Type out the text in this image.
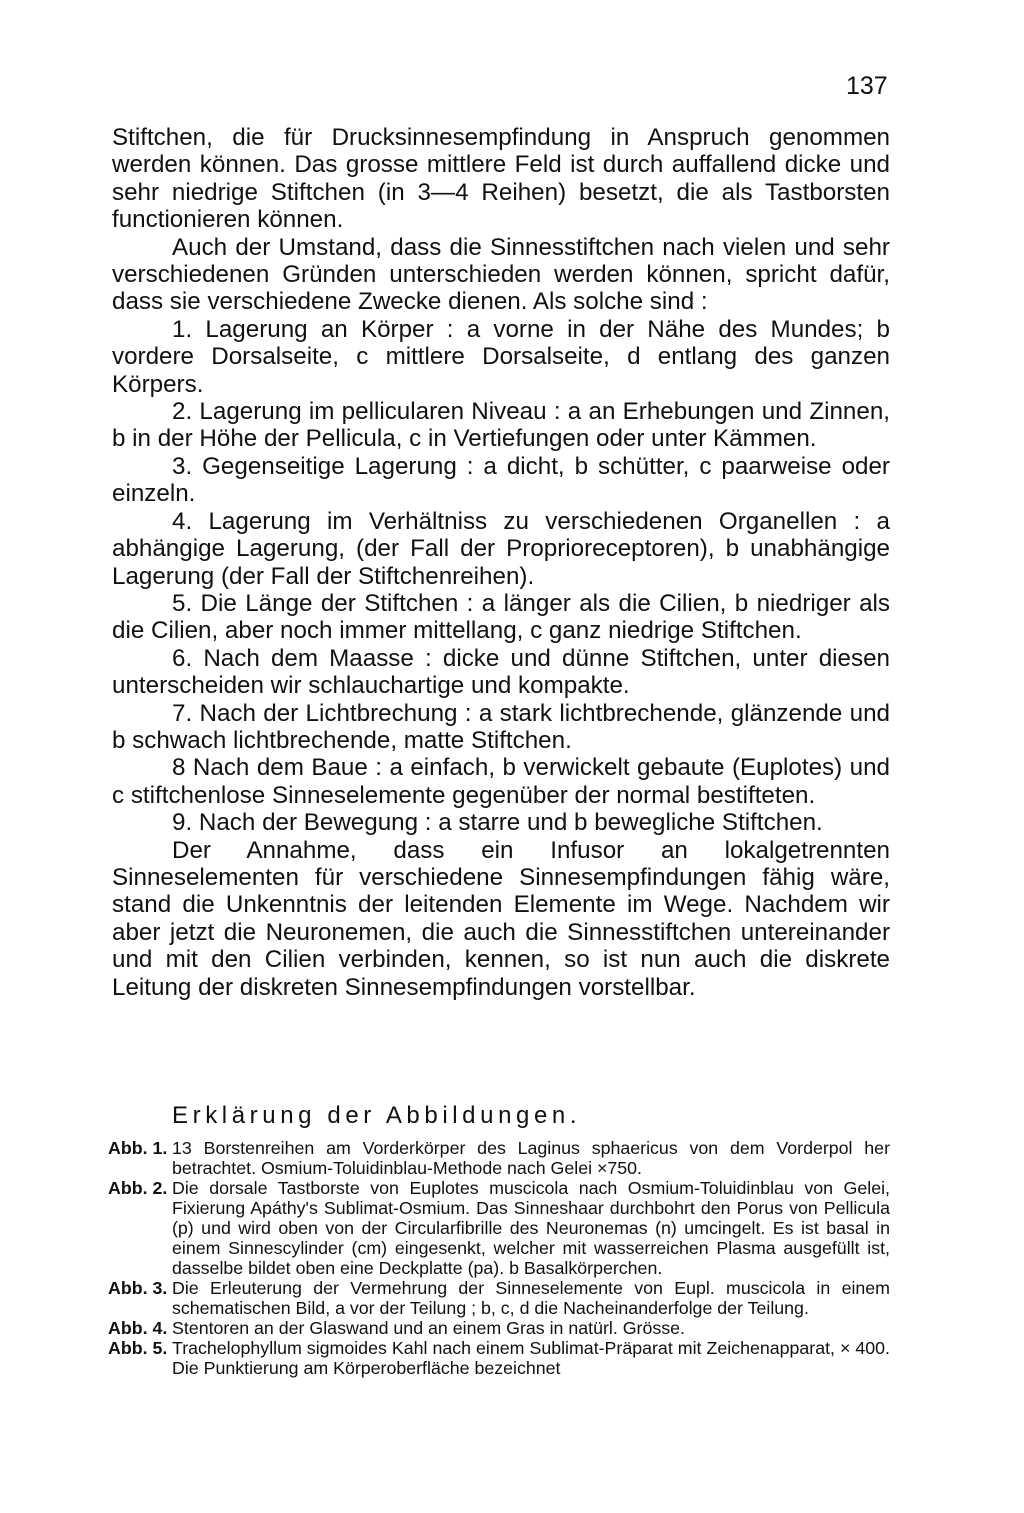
137

Stiftchen, die für Drucksinnesempfindung in Anspruch genommen werden können. Das grosse mittlere Feld ist durch auffallend dicke und sehr niedrige Stiftchen (in 3—4 Reihen) besetzt, die als Tastborsten functionieren können.

Auch der Umstand, dass die Sinnesstiftchen nach vielen und sehr verschiedenen Gründen unterschieden werden können, spricht dafür, dass sie verschiedene Zwecke dienen. Als solche sind :

1. Lagerung an Körper : a vorne in der Nähe des Mundes; b vordere Dorsalseite, c mittlere Dorsalseite, d entlang des ganzen Körpers.

2. Lagerung im pellicularen Niveau : a an Erhebungen und Zinnen, b in der Höhe der Pellicula, c in Vertiefungen oder unter Kämmen.

3. Gegenseitige Lagerung : a dicht, b schütter, c paarweise oder einzeln.

4. Lagerung im Verhältniss zu verschiedenen Organellen : a abhängige Lagerung, (der Fall der Proprioreceptoren), b unabhängige Lagerung (der Fall der Stiftchenreihen).

5. Die Länge der Stiftchen : a länger als die Cilien, b niedriger als die Cilien, aber noch immer mittellang, c ganz niedrige Stiftchen.

6. Nach dem Maasse : dicke und dünne Stiftchen, unter diesen unterscheiden wir schlauchartige und kompakte.

7. Nach der Lichtbrechung : a stark lichtbrechende, glänzende und b schwach lichtbrechende, matte Stiftchen.

8 Nach dem Baue : a einfach, b verwickelt gebaute (Euplotes) und c stiftchenlose Sinneselemente gegenüber der normal bestifteten.

9. Nach der Bewegung : a starre und b bewegliche Stiftchen.

Der Annahme, dass ein Infusor an lokalgetrennten Sinneselementen für verschiedene Sinnesempfindungen fähig wäre, stand die Unkenntnis der leitenden Elemente im Wege. Nachdem wir aber jetzt die Neuronemen, die auch die Sinnesstiftchen untereinander und mit den Cilien verbinden, kennen, so ist nun auch die diskrete Leitung der diskreten Sinnesempfindungen vorstellbar.

Erklärung der Abbildungen.
Abb. 1. 13 Borstenreihen am Vorderkörper des Laginus sphaericus von dem Vorderpol her betrachtet. Osmium-Toluidinblau-Methode nach Gelei ×750.
Abb. 2. Die dorsale Tastborste von Euplotes muscicola nach Osmium-Toluidinblau von Gelei, Fixierung Apáthy's Sublimat-Osmium. Das Sinneshaar durchbohrt den Porus von Pellicula (p) und wird oben von der Circularfibrille des Neuronemas (n) umcingelt. Es ist basal in einem Sinnescylinder (cm) eingesenkt, welcher mit wasserreichen Plasma ausgefüllt ist, dasselbe bildet oben eine Deckplatte (pa). b Basalkörperchen.
Abb. 3. Die Erleuterung der Vermehrung der Sinneselemente von Eupl. muscicola in einem schematischen Bild, a vor der Teilung ; b, c, d die Nacheinanderfolge der Teilung.
Abb. 4. Stentoren an der Glaswand und an einem Gras in natürl. Grösse.
Abb. 5. Trachelophyllum sigmoides Kahl nach einem Sublimat-Präparat mit Zeichenapparat, × 400. Die Punktierung am Körperoberfläche bezeichnet
